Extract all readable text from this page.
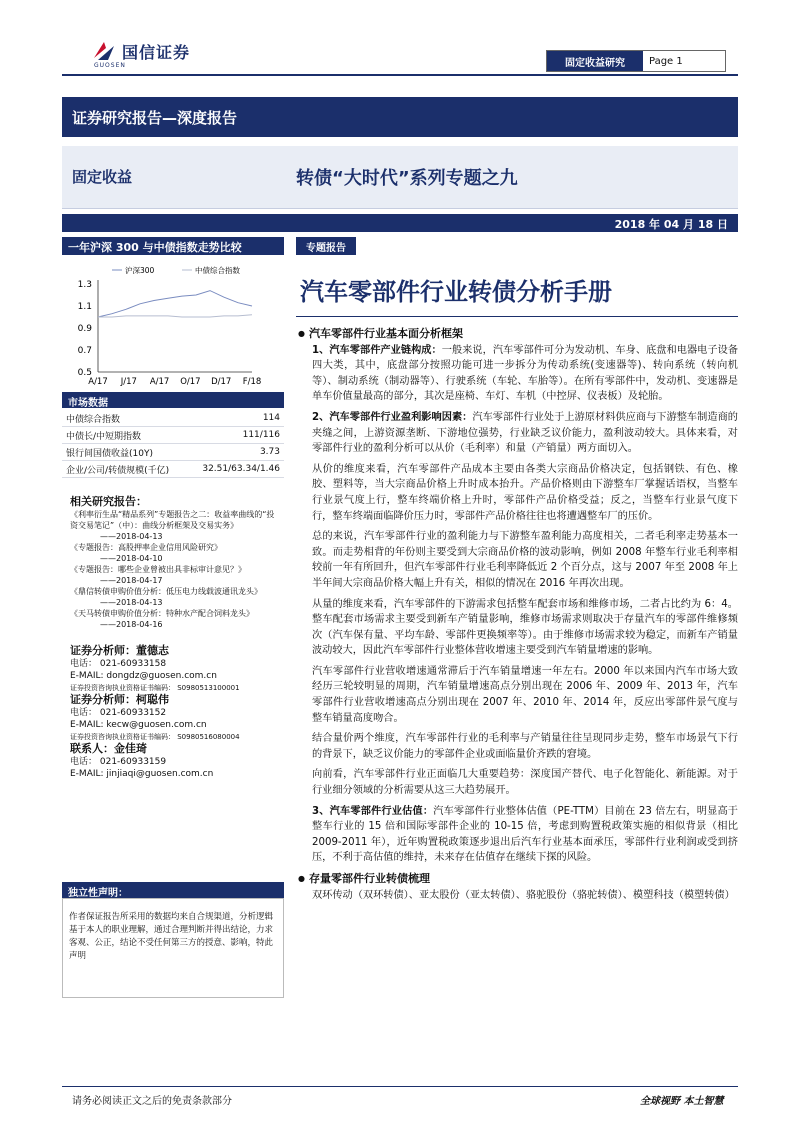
国信证券
GUOSEN	固定收益研究	Page 1
证券研究报告—深度报告
固定收益	转债“大时代”系列专题之九
2018 年 04 月 18 日
一年沪深 300 与中债指数走势比较
1.3
1.1
0.9
0.7
0.5
A/17 J/17 A/17 O/17 D/17 F/18
沪深300	中债综合指数
市场数据
中债综合指数	114
中债长/中短期指数	111/116
银行间国债收益(10Y)	3.73
企业/公司/转债规模(千亿)	32.51/63.34/1.46
相关研究报告：
《利率衍生品“精品系列”专题报告之二：收益率曲线的“投资交易笔记”（中）：曲线分析框架及交易实务》
——2018-04-13
《专题报告：高股押率企业信用风险研究》
——2018-04-10
《专题报告：哪些企业曾被出具非标审计意见？》
——2018-04-17
《鼎信转债申购价值分析：低压电力线载波通讯龙头》
——2018-04-13
《天马转债申购价值分析：特种水产配合饲料龙头》
——2018-04-16
证券分析师：董德志
电话： 021-60933158
E-MAIL: dongdz@guosen.com.cn
证券投资咨询执业资格证书编码： S0980513100001
证券分析师：柯聪伟
电话： 021-60933152
E-MAIL: kecw@guosen.com.cn
证券投资咨询执业资格证书编码： S0980516080004
联系人：金佳琦
电话： 021-60933159
E-MAIL: jinjiaqi@guosen.com.cn
独立性声明：
作者保证报告所采用的数据均来自合规渠道，分析逻辑基于本人的职业理解，通过合理判断并得出结论，力求客观、公正，结论不受任何第三方的授意、影响，特此声明
专题报告
汽车零部件行业转债分析手册
● 汽车零部件行业基本面分析框架

1、汽车零部件产业链构成：一般来说，汽车零部件可分为发动机、车身、底盘和电器电子设备四大类，其中，底盘部分按照功能可进一步拆分为传动系统(变速器等)、转向系统（转向机等）、制动系统（制动器等）、行驶系统（车轮、车胎等）。在所有零部件中，发动机、变速器是单车价值量最高的部分，其次是座椅、车灯、车机（中控屏、仪表板）及轮胎。

2、汽车零部件行业盈利影响因素：汽车零部件行业处于上游原材料供应商与下游整车制造商的夹缝之间，上游资源垄断、下游地位强势，行业缺乏议价能力，盈利波动较大。具体来看，对零部件行业的盈利分析可以从价（毛利率）和量（产销量）两方面切入。

从价的维度来看，汽车零部件产品成本主要由各类大宗商品价格决定，包括钢铁、有色、橡胶、塑料等，当大宗商品价格上升时成本抬升。产品价格则由下游整车厂掌握话语权，当整车行业景气度上行，整车终端价格上升时，零部件产品价格受益；反之，当整车行业景气度下行，整车终端面临降价压力时，零部件产品价格往往也将遭遇整车厂的压价。

总的来说，汽车零部件行业的盈利能力与下游整车盈利能力高度相关，二者毛利率走势基本一致。而走势相背的年份则主要受到大宗商品价格的波动影响，例如 2008 年整车行业毛利率相较前一年有所回升，但汽车零部件行业毛利率降低近 2 个百分点，这与 2007 年至 2008 年上半年间大宗商品价格大幅上升有关，相似的情况在 2016 年再次出现。

从量的维度来看，汽车零部件的下游需求包括整车配套市场和维修市场，二者占比约为 6：4。整车配套市场需求主要受到新车产销量影响，维修市场需求则取决于存量汽车的零部件维修频次（汽车保有量、平均车龄、零部件更换频率等）。由于维修市场需求较为稳定，而新车产销量波动较大，因此汽车零部件行业整体营收增速主要受到汽车销量增速的影响。

汽车零部件行业营收增速通常滞后于汽车销量增速一年左右。2000 年以来国内汽车市场大致经历三轮较明显的周期，汽车销量增速高点分别出现在 2006 年、2009 年、2013 年，汽车零部件行业营收增速高点分别出现在 2007 年、2010 年、2014 年，反应出零部件景气度与整车销量高度吻合。

结合量价两个维度，汽车零部件行业的毛利率与产销量往往呈现同步走势，整车市场景气下行的背景下，缺乏议价能力的零部件企业或面临量价齐跌的窘境。

向前看，汽车零部件行业正面临几大重要趋势：深度国产替代、电子化智能化、新能源。对于行业细分领域的分析需要从这三大趋势展开。

3、汽车零部件行业估值：汽车零部件行业整体估值（PE-TTM）目前在 23 倍左右，明显高于整车行业的 15 倍和国际零部件企业的 10-15 倍，考虑到购置税政策实施的相似背景（相比 2009-2011 年），近年购置税政策逐步退出后汽车行业基本面承压，零部件行业利润或受到挤压，不利于高估值的维持，未来存在估值存在继续下探的风险。

● 存量零部件行业转债梳理

双环传动（双环转债）、亚太股份（亚太转债）、骆驼股份（骆驼转债）、模塑科技（模塑转债）

请务必阅读正文之后的免责条款部分	全球视野 本土智慧
